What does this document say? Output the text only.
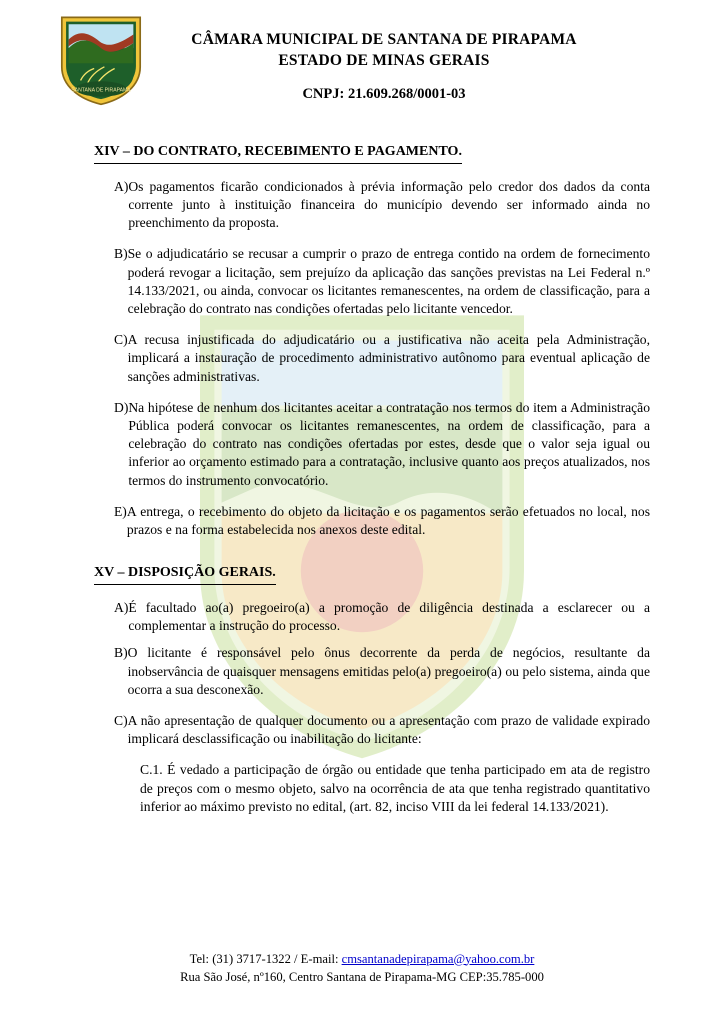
SANTANA DE PIRAPAMA
CÂMARA MUNICIPAL DE SANTANA DE PIRAPAMA
ESTADO DE MINAS GERAIS
CNPJ: 21.609.268/0001-03
XIV – DO CONTRATO, RECEBIMENTO E PAGAMENTO.
A) Os pagamentos ficarão condicionados à prévia informação pelo credor dos dados da conta corrente junto à instituição financeira do município devendo ser informado ainda no preenchimento da proposta.
B) Se o adjudicatário se recusar a cumprir o prazo de entrega contido na ordem de fornecimento poderá revogar a licitação, sem prejuízo da aplicação das sanções previstas na Lei Federal n.º 14.133/2021, ou ainda, convocar os licitantes remanescentes, na ordem de classificação, para a celebração do contrato nas condições ofertadas pelo licitante vencedor.
C) A recusa injustificada do adjudicatário ou a justificativa não aceita pela Administração, implicará a instauração de procedimento administrativo autônomo para eventual aplicação de sanções administrativas.
D) Na hipótese de nenhum dos licitantes aceitar a contratação nos termos do item a Administração Pública poderá convocar os licitantes remanescentes, na ordem de classificação, para a celebração do contrato nas condições ofertadas por estes, desde que o valor seja igual ou inferior ao orçamento estimado para a contratação, inclusive quanto aos preços atualizados, nos termos do instrumento convocatório.
E) A entrega, o recebimento do objeto da licitação e os pagamentos serão efetuados no local, nos prazos e na forma estabelecida nos anexos deste edital.
XV – DISPOSIÇÃO GERAIS.
A) É facultado ao(a) pregoeiro(a) a promoção de diligência destinada a esclarecer ou a complementar a instrução do processo.
B) O licitante é responsável pelo ônus decorrente da perda de negócios, resultante da inobservância de quaisquer mensagens emitidas pelo(a) pregoeiro(a) ou pelo sistema, ainda que ocorra a sua desconexão.
C) A não apresentação de qualquer documento ou a apresentação com prazo de validade expirado implicará desclassificação ou inabilitação do licitante:
C.1. É vedado a participação de órgão ou entidade que tenha participado em ata de registro de preços com o mesmo objeto, salvo na ocorrência de ata que tenha registrado quantitativo inferior ao máximo previsto no edital, (art. 82, inciso VIII da lei federal 14.133/2021).
Tel: (31) 3717-1322 / E-mail: cmsantanadepirapama@yahoo.com.br
Rua São José, nº160, Centro Santana de Pirapama-MG CEP:35.785-000
